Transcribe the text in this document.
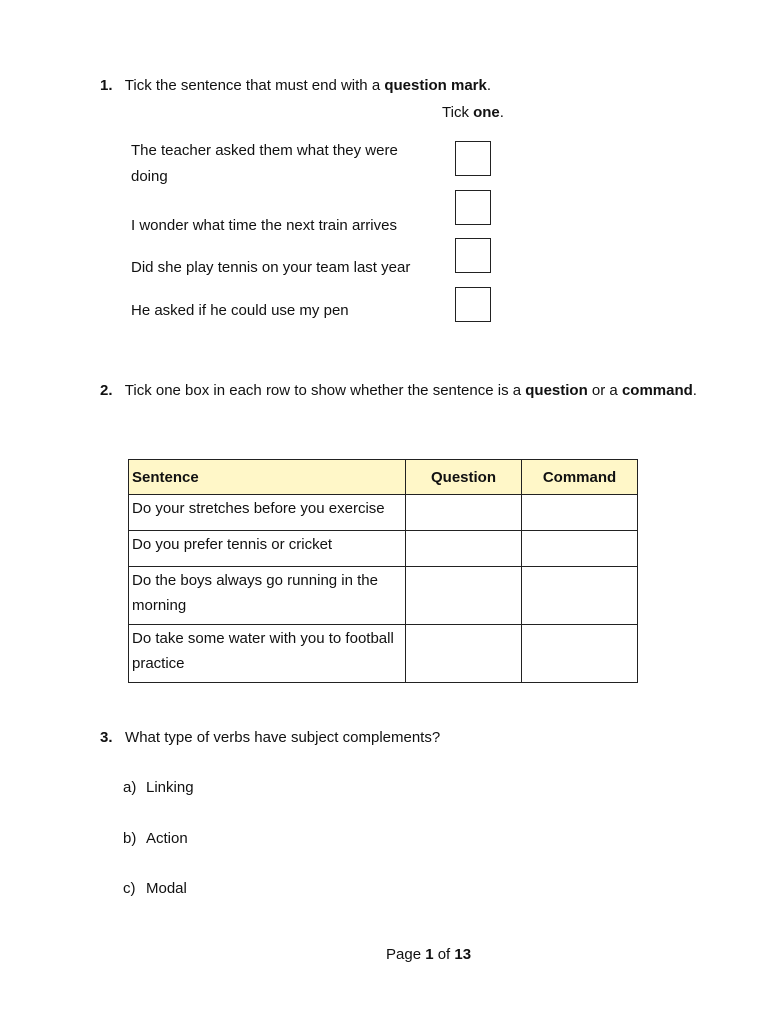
1. Tick the sentence that must end with a question mark.
Tick one.
The teacher asked them what they were doing
I wonder what time the next train arrives
Did she play tennis on your team last year
He asked if he could use my pen
2. Tick one box in each row to show whether the sentence is a question or a command.
Sentence	Question	Command
Do your stretches before you exercise		
Do you prefer tennis or cricket		
Do the boys always go running in the morning		
Do take some water with you to football practice		
3. What type of verbs have subject complements?
a) Linking
b) Action
c) Modal
Page 1 of 13
